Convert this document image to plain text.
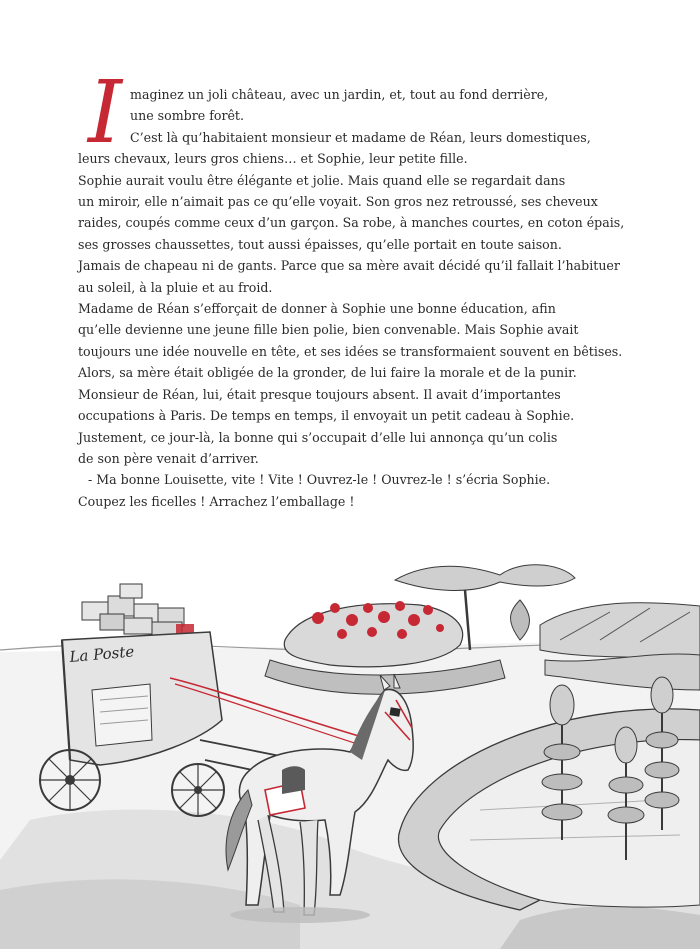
I maginez un joli château, avec un jardin, et, tout au fond derrière,
une sombre forêt.
C’est là qu’habitaient monsieur et madame de Réan, leurs domestiques,
leurs chevaux, leurs gros chiens… et Sophie, leur petite fille.
Sophie aurait voulu être élégante et jolie. Mais quand elle se regardait dans
un miroir, elle n’aimait pas ce qu’elle voyait. Son gros nez retroussé, ses cheveux
raides, coupés comme ceux d’un garçon. Sa robe, à manches courtes, en coton épais,
ses grosses chaussettes, tout aussi épaisses, qu’elle portait en toute saison.
Jamais de chapeau ni de gants. Parce que sa mère avait décidé qu’il fallait l’habituer
au soleil, à la pluie et au froid.
Madame de Réan s’efforçait de donner à Sophie une bonne éducation, afin
qu’elle devienne une jeune fille bien polie, bien convenable. Mais Sophie avait
toujours une idée nouvelle en tête, et ses idées se transformaient souvent en bêtises.
Alors, sa mère était obligée de la gronder, de lui faire la morale et de la punir.
Monsieur de Réan, lui, était presque toujours absent. Il avait d’importantes
occupations à Paris. De temps en temps, il envoyait un petit cadeau à Sophie.
Justement, ce jour-là, la bonne qui s’occupait d’elle lui annonça qu’un colis
de son père venait d’arriver.
- Ma bonne Louisette, vite ! Vite ! Ouvrez-le ! Ouvrez-le ! s’écria Sophie.
Coupez les ficelles ! Arrachez l’emballage !
La Poste
